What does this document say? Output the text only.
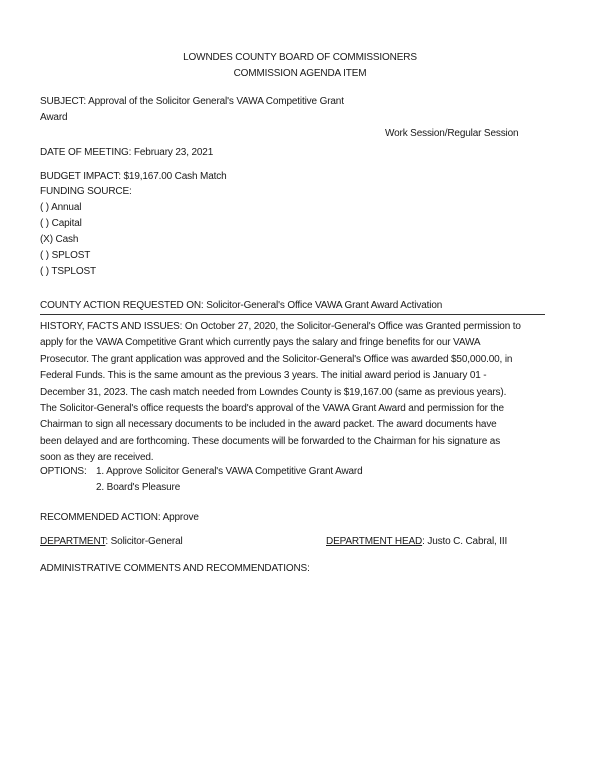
LOWNDES COUNTY BOARD OF COMMISSIONERS
COMMISSION AGENDA ITEM
SUBJECT: Approval of the Solicitor General's VAWA Competitive Grant
Award
Work Session/Regular Session
DATE OF MEETING: February 23, 2021
BUDGET IMPACT: $19,167.00 Cash Match
FUNDING SOURCE:
( ) Annual
( ) Capital
(X) Cash
( ) SPLOST
( ) TSPLOST
COUNTY ACTION REQUESTED ON: Solicitor-General's Office VAWA Grant Award Activation
HISTORY, FACTS AND ISSUES: On October 27, 2020, the Solicitor-General's Office was Granted permission to
apply for the VAWA Competitive Grant which currently pays the salary and fringe benefits for our VAWA
Prosecutor. The grant application was approved and the Solicitor-General's Office was awarded $50,000.00, in
Federal Funds. This is the same amount as the previous 3 years. The initial award period is January 01 -
December 31, 2023. The cash match needed from Lowndes County is $19,167.00 (same as previous years).
The Solicitor-General's office requests the board's approval of the VAWA Grant Award and permission for the
Chairman to sign all necessary documents to be included in the award packet. The award documents have
been delayed and are forthcoming. These documents will be forwarded to the Chairman for his signature as
soon as they are received.
OPTIONS: 1. Approve Solicitor General's VAWA Competitive Grant Award
2. Board's Pleasure
RECOMMENDED ACTION: Approve
DEPARTMENT: Solicitor-General	DEPARTMENT HEAD: Justo C. Cabral, III
ADMINISTRATIVE COMMENTS AND RECOMMENDATIONS:
